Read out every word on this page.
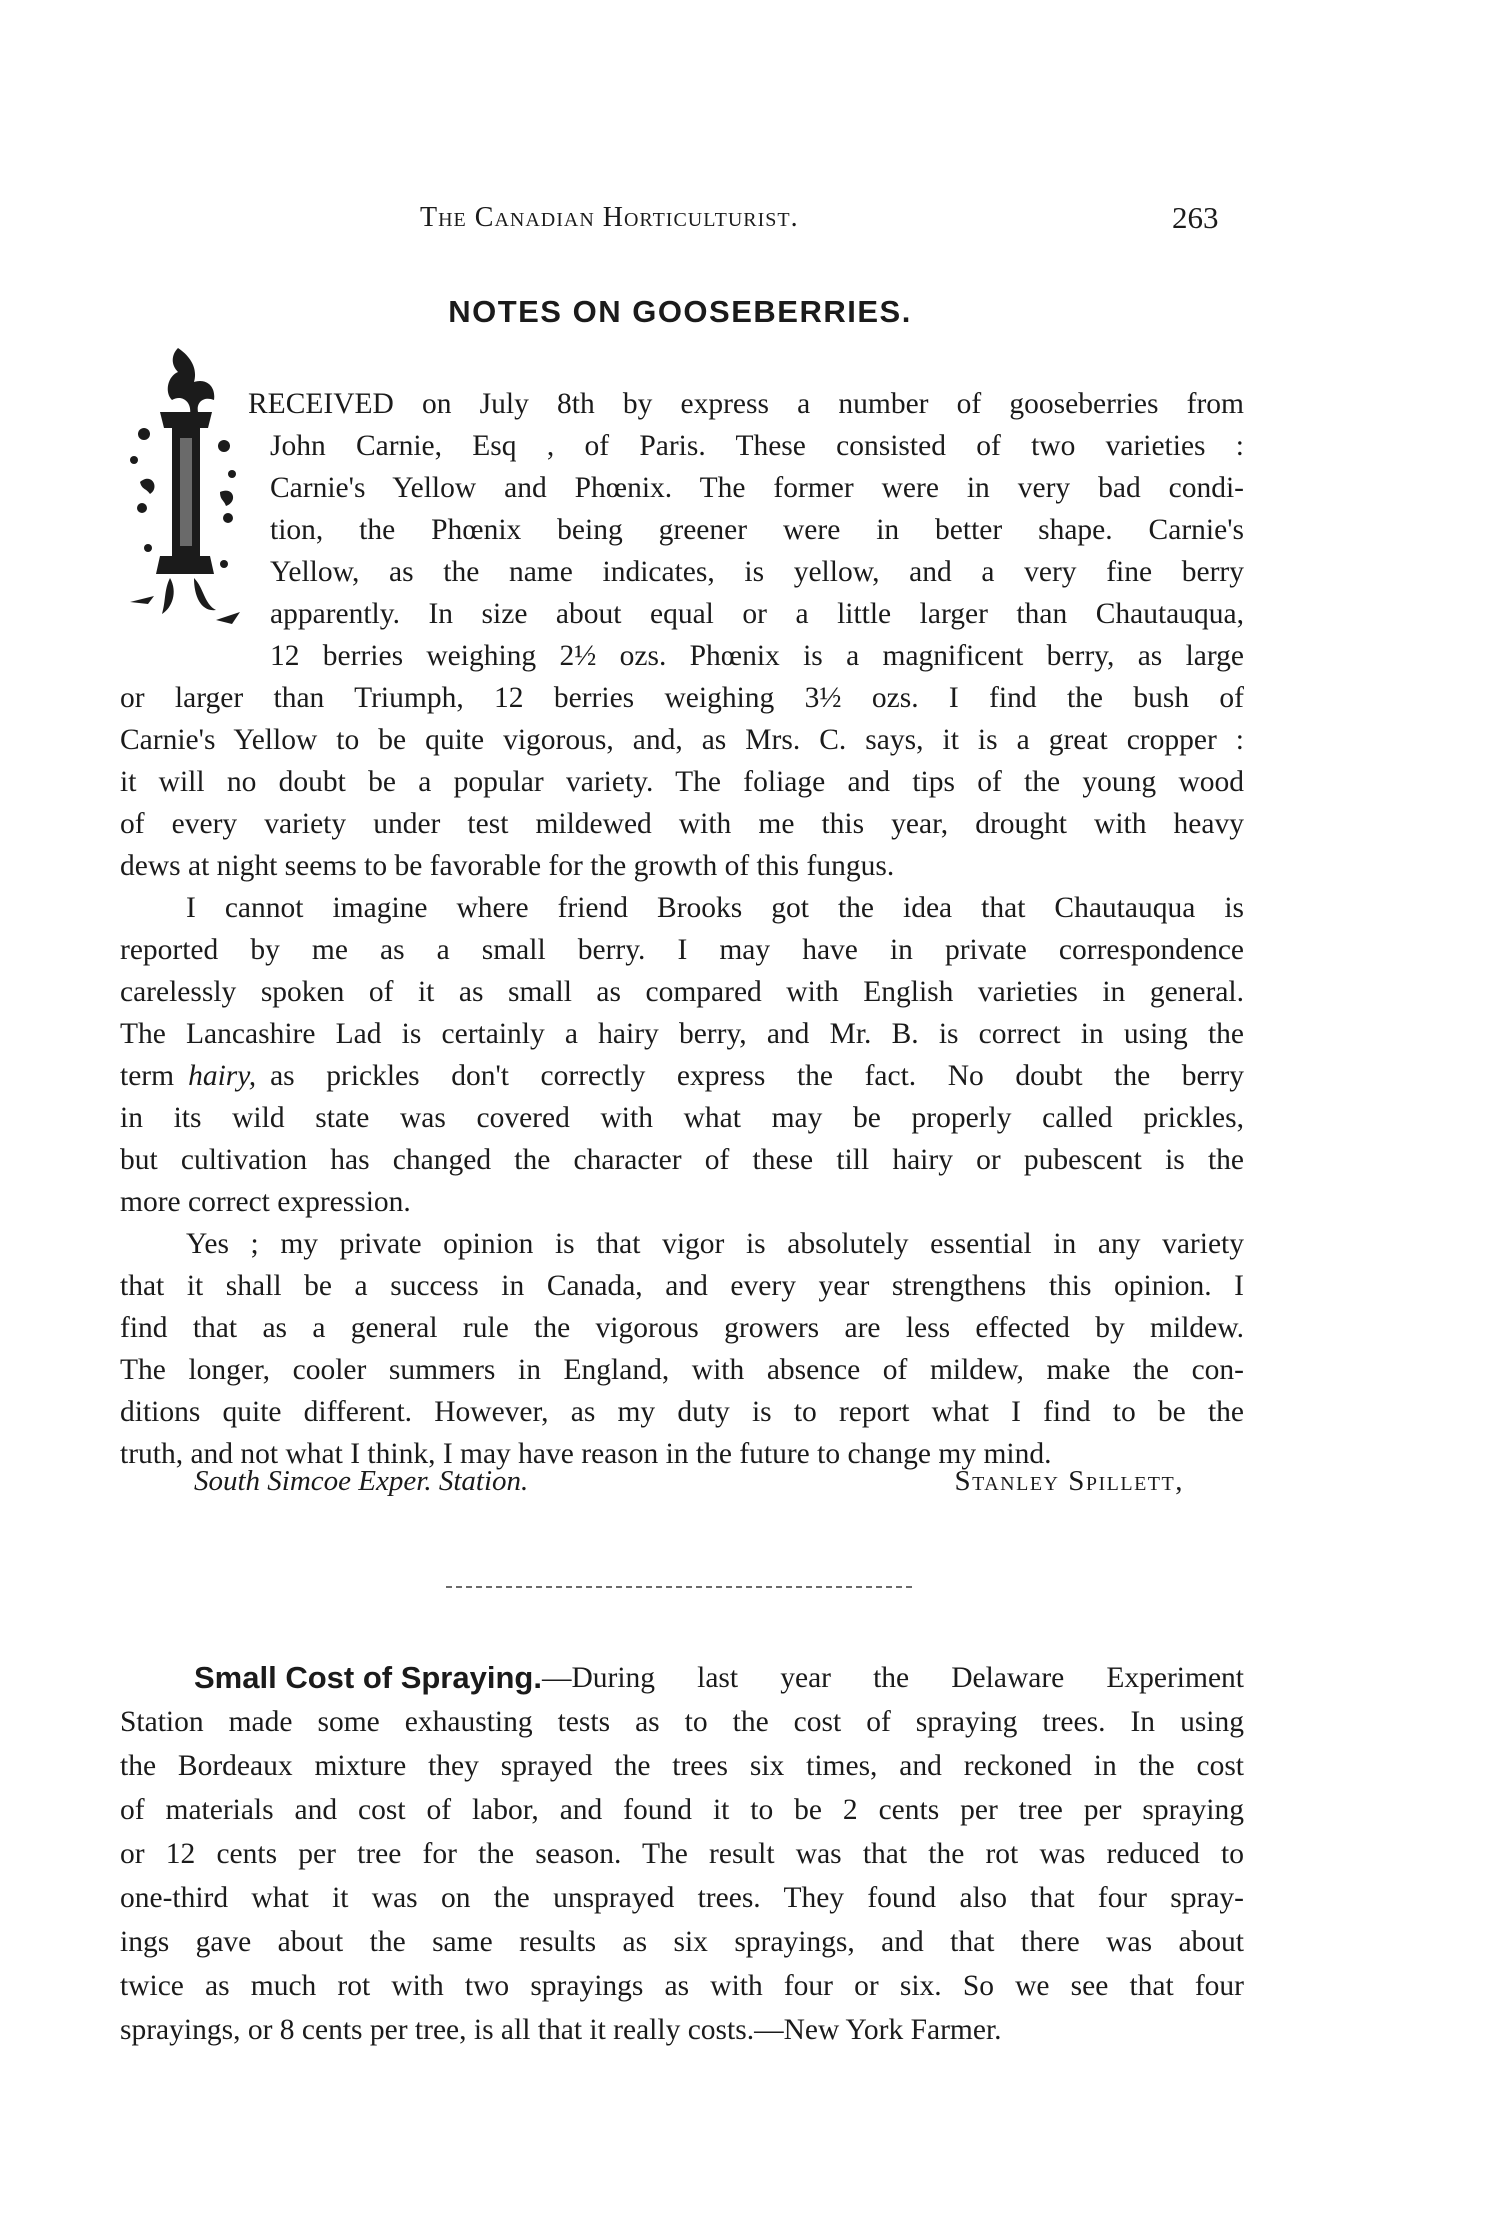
The Canadian Horticulturist.	263
NOTES ON GOOSEBERRIES.
RECEIVED on July 8th by express a number of gooseberries from
John Carnie, Esq , of Paris. These consisted of two varieties :
Carnie's Yellow and Phœnix. The former were in very bad condi-
tion, the Phœnix being greener were in better shape. Carnie's
Yellow, as the name indicates, is yellow, and a very fine berry
apparently. In size about equal or a little larger than Chautauqua,
12 berries weighing 2½ ozs. Phœnix is a magnificent berry, as large
or larger than Triumph, 12 berries weighing 3½ ozs. I find the bush of
Carnie's Yellow to be quite vigorous, and, as Mrs. C. says, it is a great cropper :
it will no doubt be a popular variety. The foliage and tips of the young wood
of every variety under test mildewed with me this year, drought with heavy
dews at night seems to be favorable for the growth of this fungus.
I cannot imagine where friend Brooks got the idea that Chautauqua is
reported by me as a small berry. I may have in private correspondence
carelessly spoken of it as small as compared with English varieties in general.
The Lancashire Lad is certainly a hairy berry, and Mr. B. is correct in using the
term hairy, as prickles don't correctly express the fact. No doubt the berry
in its wild state was covered with what may be properly called prickles,
but cultivation has changed the character of these till hairy or pubescent is the
more correct expression.
Yes ; my private opinion is that vigor is absolutely essential in any variety
that it shall be a success in Canada, and every year strengthens this opinion. I
find that as a general rule the vigorous growers are less effected by mildew.
The longer, cooler summers in England, with absence of mildew, make the con-
ditions quite different. However, as my duty is to report what I find to be the
truth, and not what I think, I may have reason in the future to change my mind.
South Simcoe Exper. Station.	Stanley Spillett,
Small Cost of Spraying. —During last year the Delaware Experiment
Station made some exhausting tests as to the cost of spraying trees. In using
the Bordeaux mixture they sprayed the trees six times, and reckoned in the cost
of materials and cost of labor, and found it to be 2 cents per tree per spraying
or 12 cents per tree for the season. The result was that the rot was reduced to
one-third what it was on the unsprayed trees. They found also that four spray-
ings gave about the same results as six sprayings, and that there was about
twice as much rot with two sprayings as with four or six. So we see that four
sprayings, or 8 cents per tree, is all that it really costs.—New York Farmer.
